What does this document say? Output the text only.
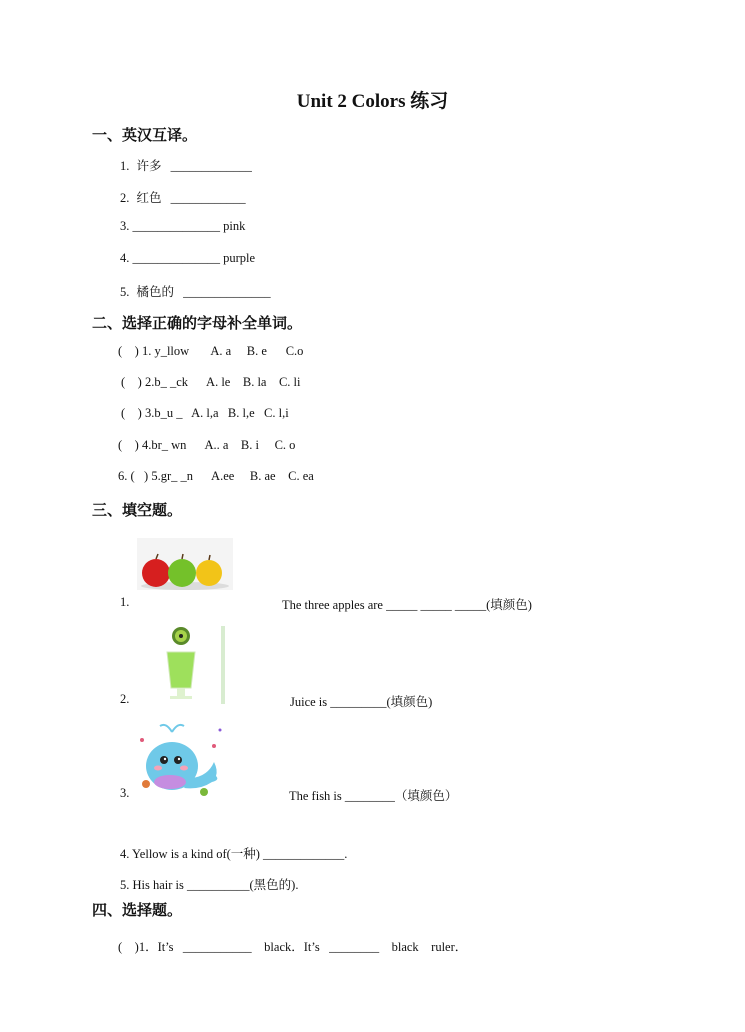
Unit 2 Colors 练习
一、英汉互译。
1. 许多 _____________
2. 红色 ____________
3. ______________ pink
4. ______________ purple
5. 橘色的 ______________
二、选择正确的字母补全单词。
(    ) 1. y_llow       A. a     B. e      C.o
(    ) 2.b_ _ck      A. le    B. la    C. li
(    ) 3.b_u _   A. l,a   B. l,e   C. l,i
(    ) 4.br_ wn      A.. a    B. i     C. o
6. (   ) 5.gr_ _n      A.ee     B. ae    C. ea
三、填空题。
1.	The three apples are _____ _____ _____(填颜色)
2.	Juice is _________(填颜色)
3.	The fish is ________（填颜色）
4. Yellow is a kind of(一种) _____________.
5. His hair is __________(黑色的).
四、选择题。
(    )1．It’s   ___________    black．It’s   ________    black    ruler．
